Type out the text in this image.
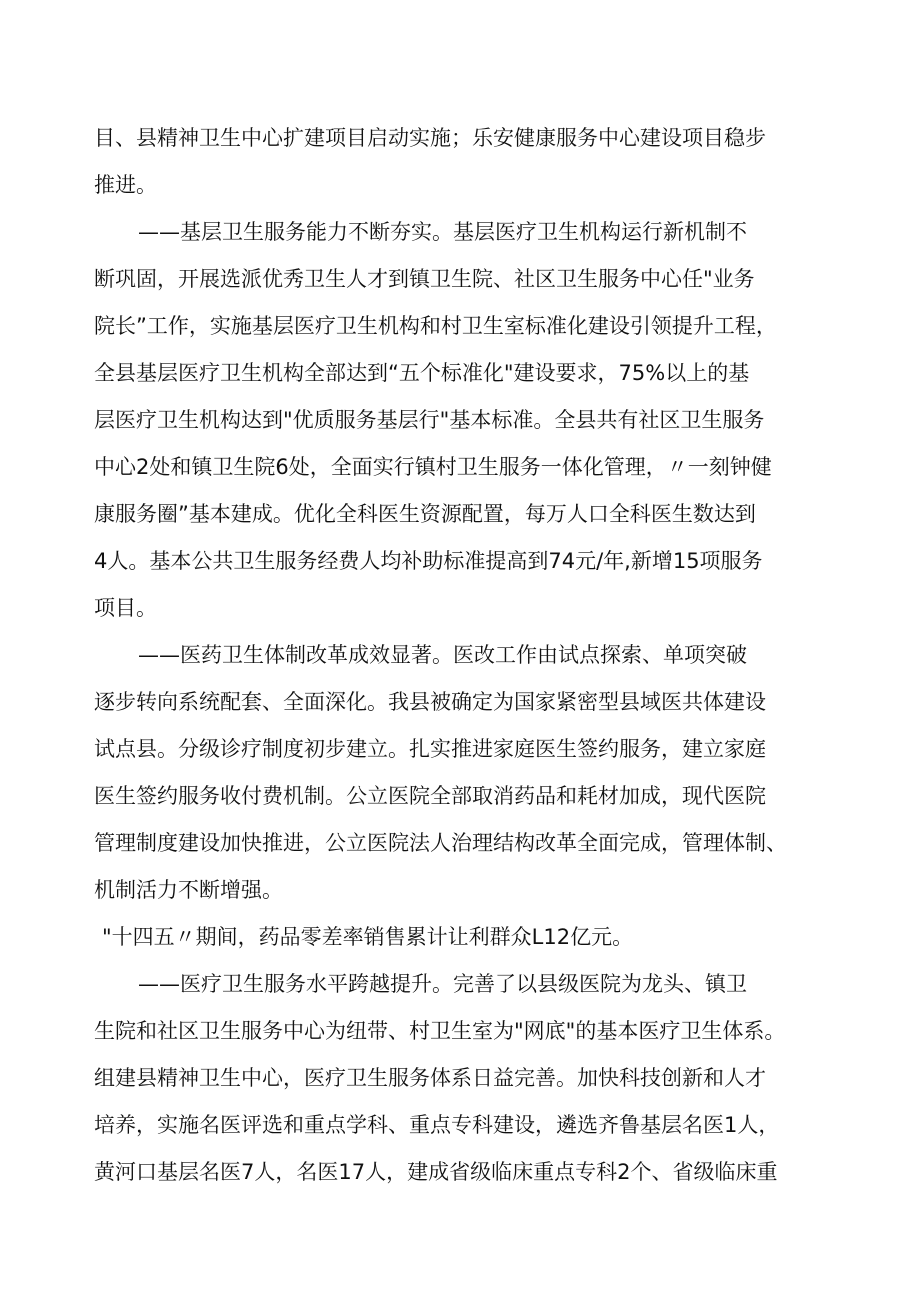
目、县精神卫生中心扩建项目启动实施；乐安健康服务中心建设项目稳步
推进。
——基层卫生服务能力不断夯实。基层医疗卫生机构运行新机制不
断巩固，开展选派优秀卫生人才到镇卫生院、社区卫生服务中心任"业务
院长”工作，实施基层医疗卫生机构和村卫生室标准化建设引领提升工程，
全县基层医疗卫生机构全部达到“五个标准化"建设要求，75%以上的基
层医疗卫生机构达到"优质服务基层行"基本标准。全县共有社区卫生服务
中心2处和镇卫生院6处，全面实行镇村卫生服务一体化管理，〃一刻钟健
康服务圈”基本建成。优化全科医生资源配置，每万人口全科医生数达到
4人。基本公共卫生服务经费人均补助标准提高到74元/年,新增15项服务
项目。
——医药卫生体制改革成效显著。医改工作由试点探索、单项突破
逐步转向系统配套、全面深化。我县被确定为国家紧密型县域医共体建设
试点县。分级诊疗制度初步建立。扎实推进家庭医生签约服务，建立家庭
医生签约服务收付费机制。公立医院全部取消药品和耗材加成，现代医院
管理制度建设加快推进，公立医院法人治理结构改革全面完成，管理体制、
机制活力不断增强。
"十四五〃期间，药品零差率销售累计让利群众L12亿元。
——医疗卫生服务水平跨越提升。完善了以县级医院为龙头、镇卫
生院和社区卫生服务中心为纽带、村卫生室为"网底"的基本医疗卫生体系。
组建县精神卫生中心，医疗卫生服务体系日益完善。加快科技创新和人才
培养，实施名医评选和重点学科、重点专科建设，遴选齐鲁基层名医1人，
黄河口基层名医7人，名医17人，建成省级临床重点专科2个、省级临床重
